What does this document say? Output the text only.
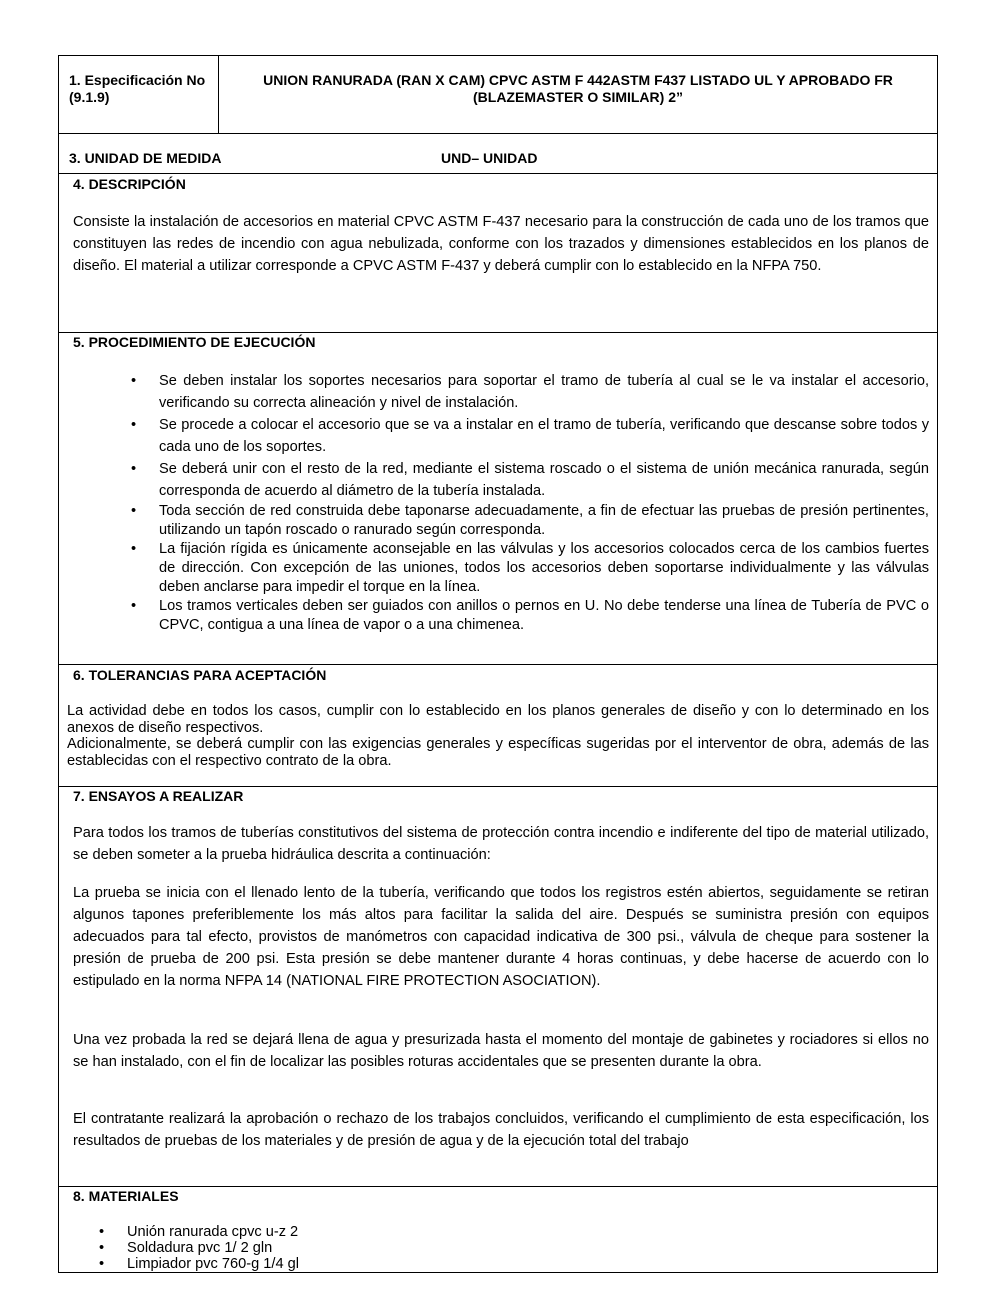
1. Especificación No (9.1.9)
UNION RANURADA (RAN X CAM) CPVC ASTM F 442ASTM F437 LISTADO UL Y APROBADO FR (BLAZEMASTER O SIMILAR) 2”
3. UNIDAD DE MEDIDA	UND– UNIDAD
4. DESCRIPCIÓN
Consiste la instalación de accesorios en material CPVC ASTM F-437 necesario para la construcción de cada uno de los tramos que constituyen las redes de incendio con agua nebulizada, conforme con los trazados y dimensiones establecidos en los planos de diseño. El material a utilizar corresponde a CPVC ASTM F-437 y deberá cumplir con lo establecido en la NFPA 750.
5. PROCEDIMIENTO DE EJECUCIÓN
• Se deben instalar los soportes necesarios para soportar el tramo de tubería al cual se le va instalar el accesorio, verificando su correcta alineación y nivel de instalación.
• Se procede a colocar el accesorio que se va a instalar en el tramo de tubería, verificando que descanse sobre todos y cada uno de los soportes.
• Se deberá unir con el resto de la red, mediante el sistema roscado o el sistema de unión mecánica ranurada, según corresponda de acuerdo al diámetro de la tubería instalada.
• Toda sección de red construida debe taponarse adecuadamente, a fin de efectuar las pruebas de presión pertinentes, utilizando un tapón roscado o ranurado según corresponda.
• La fijación rígida es únicamente aconsejable en las válvulas y los accesorios colocados cerca de los cambios fuertes de dirección. Con excepción de las uniones, todos los accesorios deben soportarse individualmente y las válvulas deben anclarse para impedir el torque en la línea.
• Los tramos verticales deben ser guiados con anillos o pernos en U. No debe tenderse una línea de Tubería de PVC o CPVC, contigua a una línea de vapor o a una chimenea.
6. TOLERANCIAS PARA ACEPTACIÓN
La actividad debe en todos los casos, cumplir con lo establecido en los planos generales de diseño y con lo determinado en los anexos de diseño respectivos.
Adicionalmente, se deberá cumplir con las exigencias generales y específicas sugeridas por el interventor de obra, además de las establecidas con el respectivo contrato de la obra.
7. ENSAYOS A REALIZAR
Para todos los tramos de tuberías constitutivos del sistema de protección contra incendio e indiferente del tipo de material utilizado, se deben someter a la prueba hidráulica descrita a continuación:
La prueba se inicia con el llenado lento de la tubería, verificando que todos los registros estén abiertos, seguidamente se retiran algunos tapones preferiblemente los más altos para facilitar la salida del aire. Después se suministra presión con equipos adecuados para tal efecto, provistos de manómetros con capacidad indicativa de 300 psi., válvula de cheque para sostener la presión de prueba de 200 psi. Esta presión se debe mantener durante 4 horas continuas, y debe hacerse de acuerdo con lo estipulado en la norma NFPA 14 (NATIONAL FIRE PROTECTION ASOCIATION).
Una vez probada la red se dejará llena de agua y presurizada hasta el momento del montaje de gabinetes y rociadores si ellos no se han instalado, con el fin de localizar las posibles roturas accidentales que se presenten durante la obra.
El contratante realizará la aprobación o rechazo de los trabajos concluidos, verificando el cumplimiento de esta especificación, los resultados de pruebas de los materiales y de presión de agua y de la ejecución total del trabajo
8. MATERIALES
• Unión ranurada cpvc u-z 2
• Soldadura pvc 1/ 2 gln
• Limpiador pvc 760-g 1/4 gl
